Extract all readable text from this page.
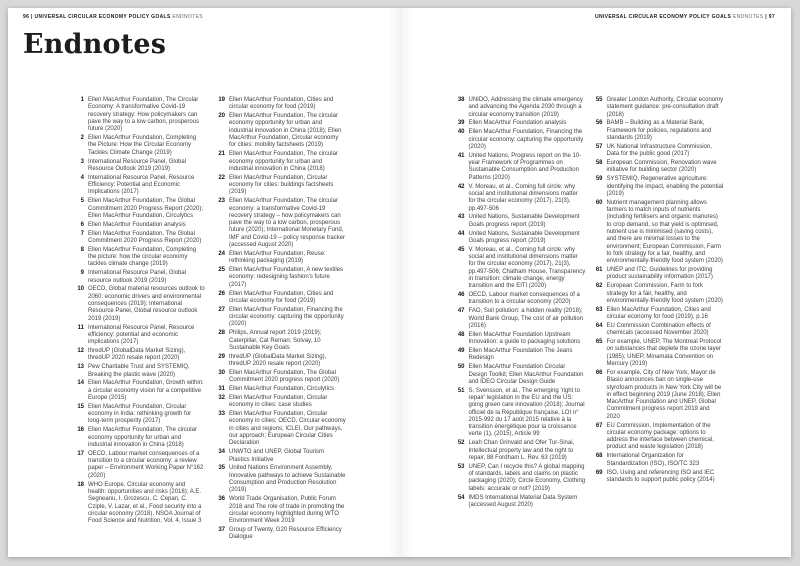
96 | UNIVERSAL CIRCULAR ECONOMY POLICY GOALS ENDNOTES
Endnotes
1 Ellen MacArthur Foundation, The Circular Economy: A transformative Covid-19 recovery strategy: How policymakers can pave the way to a low carbon, prosperous future (2020)
2 Ellen MacArthur Foundation, Completing the Picture: How the Circular Economy Tackles Climate Change (2019)
3 International Resource Panel, Global Resource Outlook 2019 (2019)
4 International Resource Panel, Resource Efficiency: Potential and Economic Implications (2017)
5 Ellen MacArthur Foundation, The Global Commitment 2020 Progress Report (2020); Ellen MacArthur Foundation, Circulytics
6 Ellen MacArthur Foundation analysis
7 Ellen MacArthur Foundation, The Global Commitment 2020 Progress Report (2020)
8 Ellen MacArthur Foundation, Completing the picture: how the circular economy tackles climate change (2019)
9 International Resource Panel, Global resource outlook 2019 (2019)
10 OECD, Global material resources outlook to 2060: economic drivers and environmental consequences (2019); International Resource Panel, Global resource outlook 2019 (2019)
11 International Resource Panel, Resource efficiency: potential and economic implications (2017)
12 thredUP (GlobalData Market Sizing), thredUP 2020 resale report (2020)
13 Pew Charitable Trust and SYSTEMIQ, Breaking the plastic wave (2020)
14 Ellen MacArthur Foundation, Growth within: a circular economy vision for a competitive Europe (2015)
15 Ellen MacArthur Foundation, Circular economy in India: rethinking growth for long-term prosperity (2017)
16 Ellen MacArthur Foundation, The circular economy opportunity for urban and industrial innovation in China (2018)
17 OECD, Labour market consequences of a transition to a circular economy: a review paper – Environment Working Paper N°162 (2020)
18 WHO Europe, Circular economy and health: opportunities and risks (2018); A.E. Segneanu, I. Grozescu, C. Cepan, C. Cziple, V. Lazar, et al., Food security into a circular economy (2018), NSOA Journal of Food Science and Nutrition, Vol. 4, Issue 3
19 Ellen MacArthur Foundation, Cities and circular economy for food (2019)
20 Ellen MacArthur Foundation, The circular economy opportunity for urban and industrial innovation in China (2018); Ellen MacArthur Foundation, Circular economy for cities: mobility factsheets (2019)
21 Ellen MacArthur Foundation, The circular economy opportunity for urban and industrial innovation in China (2018)
22 Ellen MacArthur Foundation, Circular economy for cities: buildings factsheets (2019)
23 Ellen MacArthur Foundation, The circular economy: a transformative Covid-19 recovery strategy – how policymakers can pave the way to a low carbon, prosperous future (2020); International Monetary Fund, IMF and Covid-19 – policy response tracker (accessed August 2020)
24 Ellen MacArthur Foundation, Reuse: rethinking packaging (2019)
25 Ellen MacArthur Foundation, A new textiles economy: redesigning fashion's future (2017)
26 Ellen MacArthur Foundation, Cities and circular economy for food (2019)
27 Ellen MacArthur Foundation, Financing the circular economy: capturing the opportunity (2020)
28 Philips, Annual report 2019 (2019); Caterpillar, Cat Reman; Solvay, 10 Sustainable Key Goals
29 thredUP (GlobalData Market Sizing), thredUP 2020 resale report (2020)
30 Ellen MacArthur Foundation, The Global Commitment 2020 progress report (2020)
31 Ellen MacArthur Foundation, Circulytics
32 Ellen MacArthur Foundation, Circular economy in cities: case studies
33 Ellen MacArthur Foundation, Circular economy in cities; OECD, Circular economy in cities and regions; ICLEI, Our pathways, our approach; European Circular Cities Declaration
34 UNWTO and UNEP, Global Tourism Plastics Initiative
35 United Nations Environment Assembly, Innovative pathways to achieve Sustainable Consumption and Production Resolution (2019)
36 World Trade Organisation, Public Forum 2018 and The role of trade in promoting the circular economy highlighted during WTO Environment Week 2019
37 Group of Twenty, G20 Resource Efficiency Dialogue
UNIVERSAL CIRCULAR ECONOMY POLICY GOALS ENDNOTES | 97
38 UNIDO, Addressing the climate emergency and advancing the Agenda 2030 through a circular economy transition (2019)
39 Ellen MacArthur Foundation analysis
40 Ellen MacArthur Foundation, Financing the circular economy: capturing the opportunity (2020)
41 United Nations, Progress report on the 10-year Framework of Programmes on Sustainable Consumption and Production Patterns (2020)
42 V. Moreau, et al., Coming full circle: why social and institutional dimensions matter for the circular economy (2017), 21(3), pp.497-506
43 United Nations, Sustainable Development Goals progress report (2019)
44 United Nations, Sustainable Development Goals progress report (2019)
45 V. Moreau, et al., Coming full circle: why social and institutional dimensions matter for the circular economy (2017), 21(3), pp.497-506; Chatham House, Transparency in transition: climate change, energy transition and the EITI (2020)
46 OECD, Labour market consequences of a transition to a circular economy (2020)
47 FAO, Soil pollution: a hidden reality (2018); World Bank Group, The cost of air pollution (2016)
48 Ellen MacArthur Foundation Upstream Innovation: a guide to packaging solutions
49 Ellen MacArthur Foundation The Jeans Redesign
50 Ellen MacArthur Foundation Circular Design Toolkit; Ellen MacArthur Foundation and IDEO Circular Design Guide
51 S. Svensson, et al., The emerging 'right to repair' legislation in the EU and the US: going green care innovation (2018); Journal officiel de la République française, LOI n° 2015-992 du 17 août 2015 relative à la transition énergétique pour la croissance verte (1), (2015), Article 99
52 Leah Chan Grinvald and Ofer Tur-Sinai, Intellectual property law and the right to repair, 88 Fordham L. Rev. 63 (2019)
53 UNEP, Can I recycle this? A global mapping of standards, labels and claims on plastic packaging (2020); Circle Economy, Clothing labels: accurate or not? (2019)
54 IMDS International Material Data System (accessed August 2020)
55 Greater London Authority, Circular economy statement guidance: pre-consultation draft (2018)
56 BAMB – Building as a Material Bank, Framework for policies, regulations and standards (2019)
57 UK National Infrastructure Commission, Data for the public good (2017)
58 European Commission, Renovation wave initiative for building sector (2020)
59 SYSTEMIQ, Regenerative agriculture: identifying the impact, enabling the potential (2019)
60 Nutrient management planning allows farmers to match inputs of nutrients (including fertilisers and organic manures) to crop demand, so that yield is optimised, nutrient use is minimised (saving costs), and there are minimal losses to the environment; European Commission, Farm to fork strategy for a fair, healthy, and environmentally-friendly food system (2020)
61 UNEP and ITC, Guidelines for providing product sustainability information (2017)
62 European Commission, Farm to fork strategy for a fair, healthy, and environmentally-friendly food system (2020)
63 Ellen MacArthur Foundation, Cities and circular economy for food (2019), p.16
64 EU Commission Combination effects of chemicals (accessed November 2020)
65 For example, UNEP, The Montreal Protocol on substances that deplete the ozone layer (1985); UNEP, Minamata Convention on Mercury (2019)
66 For example, City of New York, Mayor de Blasio announces ban on single-use styrofoam products in New York City will be in effect beginning 2019 (June 2018); Ellen MacArthur Foundation and UNEP, Global Commitment progress report 2019 and 2020
67 EU Commission, Implementation of the circular economy package: options to address the interface between chemical, product and waste legislation (2018)
68 International Organization for Standardization (ISO), ISO/TC 323
69 ISO, Using and referencing ISO and IEC standards to support public policy (2014)
